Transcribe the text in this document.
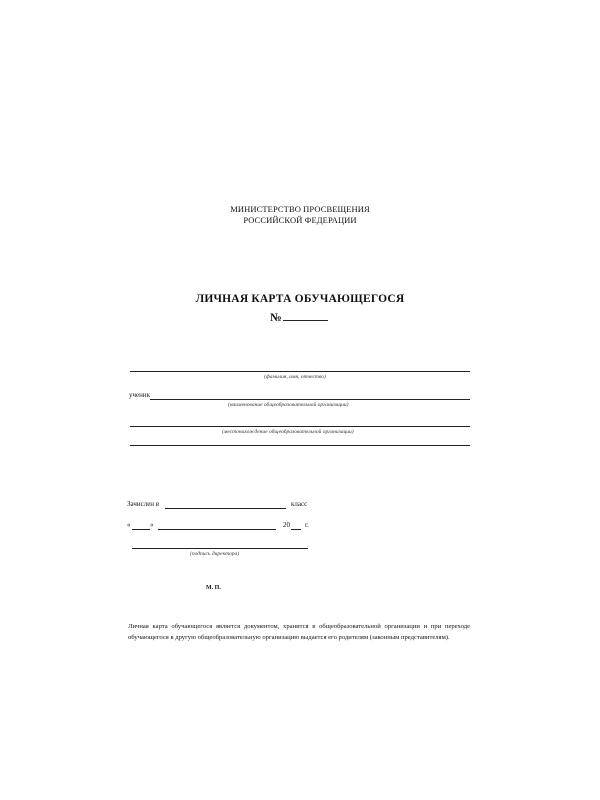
МИНИСТЕРСТВО ПРОСВЕЩЕНИЯ
РОССИЙСКОЙ ФЕДЕРАЦИИ
ЛИЧНАЯ КАРТА ОБУЧАЮЩЕГОСЯ
№
(фамилия, имя, отчество)
ученик
(наименование общеобразовательной организации)
(местонахождение общеобразовательной организации)
Зачислен в	класс
«	»	20 г.
(подпись директора)
М. П.
Личная карта обучающегося является документом, хранится в общеобразовательной организации и при переходе обучающегося в другую общеобразовательную организацию выдается его родителям (законным представителям).
